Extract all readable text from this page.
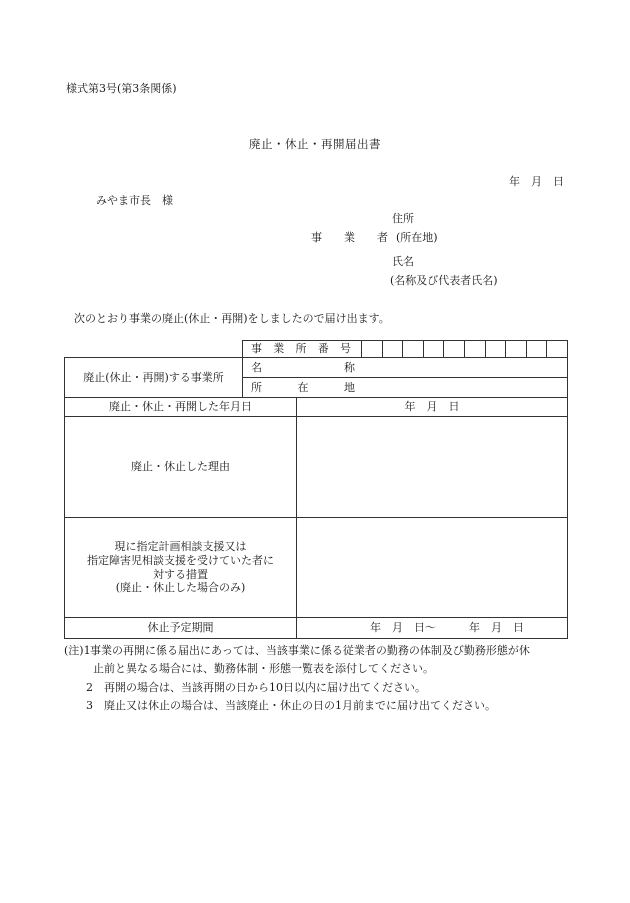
様式第3号(第3条関係)
廃止・休止・再開届出書
年　月　日
みやま市長　様
住所
事　　業　　者 (所在地)
氏名
(名称及び代表者氏名)
次のとおり事業の廃止(休止・再開)をしましたので届け出ます。

	事 業 所 番 号											

廃止(休止・再開)する事業所	名 称											

	所 在 地											

廃止・休止・再開した年月日		年　月　日										
廃止・休止した理由												

現に指定計画相談支援又は
指定障害児相談支援を受けていた者に
対する措置
(廃止・休止した場合のみ)												

休止予定期間		年　月　日～　　　年　月　日										
(注)1 事業の再開に係る届出にあっては、当該事業に係る従業者の勤務の体制及び勤務形態が休
止前と異なる場合には、勤務体制・形態一覧表を添付してください。
2 再開の場合は、当該再開の日から10日以内に届け出てください。
3 廃止又は休止の場合は、当該廃止・休止の日の1月前までに届け出てください。
